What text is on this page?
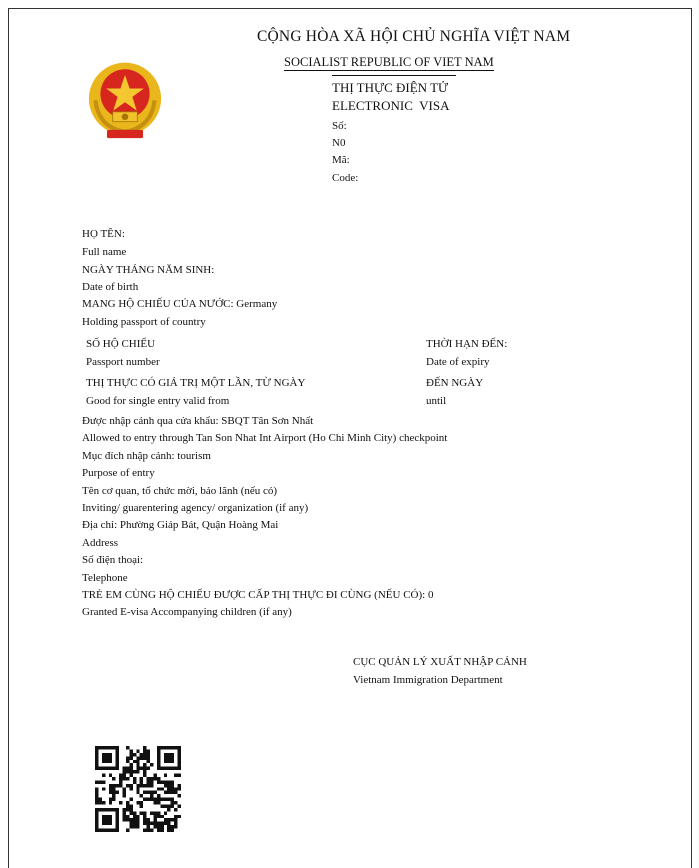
CỘNG HÒA XÃ HỘI CHỦ NGHĨA VIỆT NAM
SOCIALIST REPUBLIC OF VIET NAM
THỊ THỰC ĐIỆN TỬ
ELECTRONIC  VISA
Số:
N0
Mã:
Code:
HỌ TÊN:
Full name
NGÀY THÁNG NĂM SINH:
Date of birth
MANG HỘ CHIẾU CỦA NƯỚC: Germany
Holding passport of country
SỐ HỘ CHIẾU
Passport number
THỜI HẠN ĐẾN:
Date of expiry
THỊ THỰC CÓ GIÁ TRỊ MỘT LẦN, TỪ NGÀY
Good for single entry valid from
ĐẾN NGÀY
until
Được nhập cảnh qua cửa khẩu: SBQT Tân Sơn Nhất
Allowed to entry through Tan Son Nhat Int Airport (Ho Chi Minh City) checkpoint
Mục đích nhập cảnh: tourism
Purpose of entry
Tên cơ quan, tổ chức mời, bảo lãnh (nếu có)
Inviting/ guarentering agency/ organization (if any)
Địa chỉ: Phường Giáp Bát, Quận Hoàng Mai
Address
Số điện thoại:
Telephone
TRẺ EM CÙNG HỘ CHIẾU ĐƯỢC CẤP THỊ THỰC ĐI CÙNG (NẾU CÓ): 0
Granted E-visa Accompanying children (if any)
CỤC QUẢN LÝ XUẤT NHẬP CẢNH
Vietnam Immigration Department
